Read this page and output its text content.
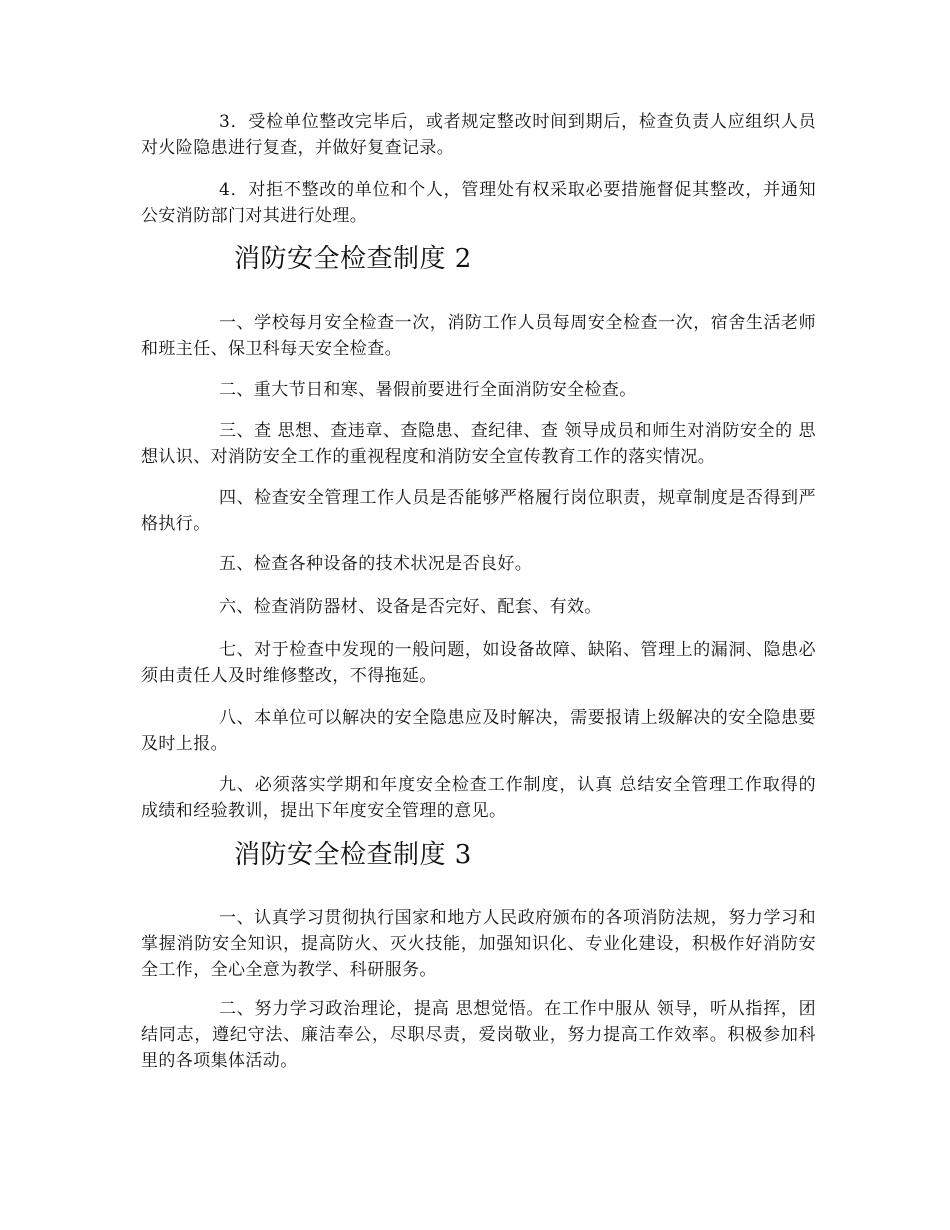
3．受检单位整改完毕后，或者规定整改时间到期后，检查负责人应组织人员对火险隐患进行复查，并做好复查记录。

4．对拒不整改的单位和个人，管理处有权采取必要措施督促其整改，并通知公安消防部门对其进行处理。

消防安全检查制度 2

一、学校每月安全检查一次，消防工作人员每周安全检查一次，宿舍生活老师和班主任、保卫科每天安全检查。

二、重大节日和寒、暑假前要进行全面消防安全检查。

三、查 思想、查违章、查隐患、查纪律、查 领导成员和师生对消防安全的 思想认识、对消防安全工作的重视程度和消防安全宣传教育工作的落实情况。

四、检查安全管理工作人员是否能够严格履行岗位职责，规章制度是否得到严格执行。

五、检查各种设备的技术状况是否良好。

六、检查消防器材、设备是否完好、配套、有效。

七、对于检查中发现的一般问题，如设备故障、缺陷、管理上的漏洞、隐患必须由责任人及时维修整改，不得拖延。

八、本单位可以解决的安全隐患应及时解决，需要报请上级解决的安全隐患要及时上报。

九、必须落实学期和年度安全检查工作制度，认真 总结安全管理工作取得的成绩和经验教训，提出下年度安全管理的意见。

消防安全检查制度 3

一、认真学习贯彻执行国家和地方人民政府颁布的各项消防法规，努力学习和掌握消防安全知识，提高防火、灭火技能，加强知识化、专业化建设，积极作好消防安全工作，全心全意为教学、科研服务。

二、努力学习政治理论，提高 思想觉悟。在工作中服从 领导，听从指挥，团结同志，遵纪守法、廉洁奉公，尽职尽责，爱岗敬业，努力提高工作效率。积极参加科里的各项集体活动。
